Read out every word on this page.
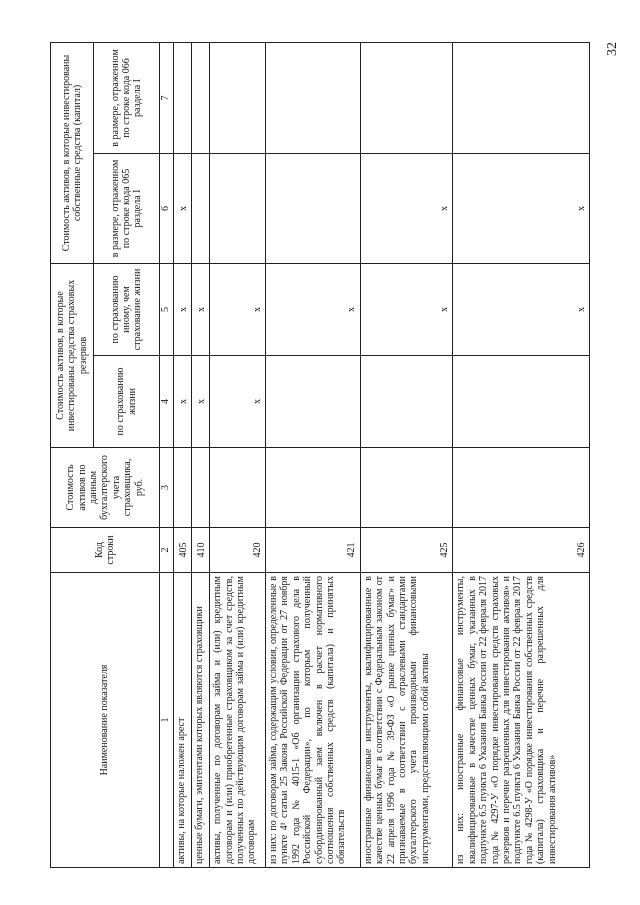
32
Наименование показателя	Код строки	Стоимость активов по данным бухгалтерского учета страховщика, руб.	Стоимость активов, в которые инвестированы средства страховых резервов		Стоимость активов, в которые инвестированы собственные средства (капитал)	
			по страхованию жизни	по страхованию иному, чем страхование жизни	в размере, отраженном по строке кода 065 раздела I	в размере, отраженном по строке кода 066 раздела I
1	2	3	4	5	6	7
активы, на которые наложен арест	405		x	x	x	
ценные бумаги, эмитентами которых являются страховщики	410		x	x		
активы, полученные по договорам займа и (или) кредитным договорам и (или) приобретенные страховщиком за счет средств, полученных по действующим договорам займа и (или) кредитным договорам	420		x	x		
из них: по договорам займа, содержащим условия, определенные в пункте 4¹ статьи 25 Закона Российской Федерации от 27 ноября 1992 года № 4015-1 «Об организации страхового дела в Российской Федерации», по которым полученный субординированный заем включен в расчет нормативного соотношения собственных средств (капитала) и принятых обязательств	421			x		
иностранные финансовые инструменты, квалифицированные в качестве ценных бумаг в соответствии с Федеральным законом от 22 апреля 1996 года № 39-ФЗ «О рынке ценных бумаг» и признаваемые в соответствии с отраслевыми стандартами бухгалтерского учета производными финансовыми инструментами, представляющими собой активы	425			x	x	
из них: иностранные финансовые инструменты, квалифицированные в качестве ценных бумаг, указанных в подпункте 6.5 пункта 6 Указания Банка России от 22 февраля 2017 года № 4297-У «О порядке инвестирования средств страховых резервов и перечне разрешенных для инвестирования активов» и подпункте 6.5 пункта 6 Указания Банка России от 22 февраля 2017 года № 4298-У «О порядке инвестирования собственных средств (капитала) страховщика и перечне разрешенных для инвестирования активов»	426			x	x	
